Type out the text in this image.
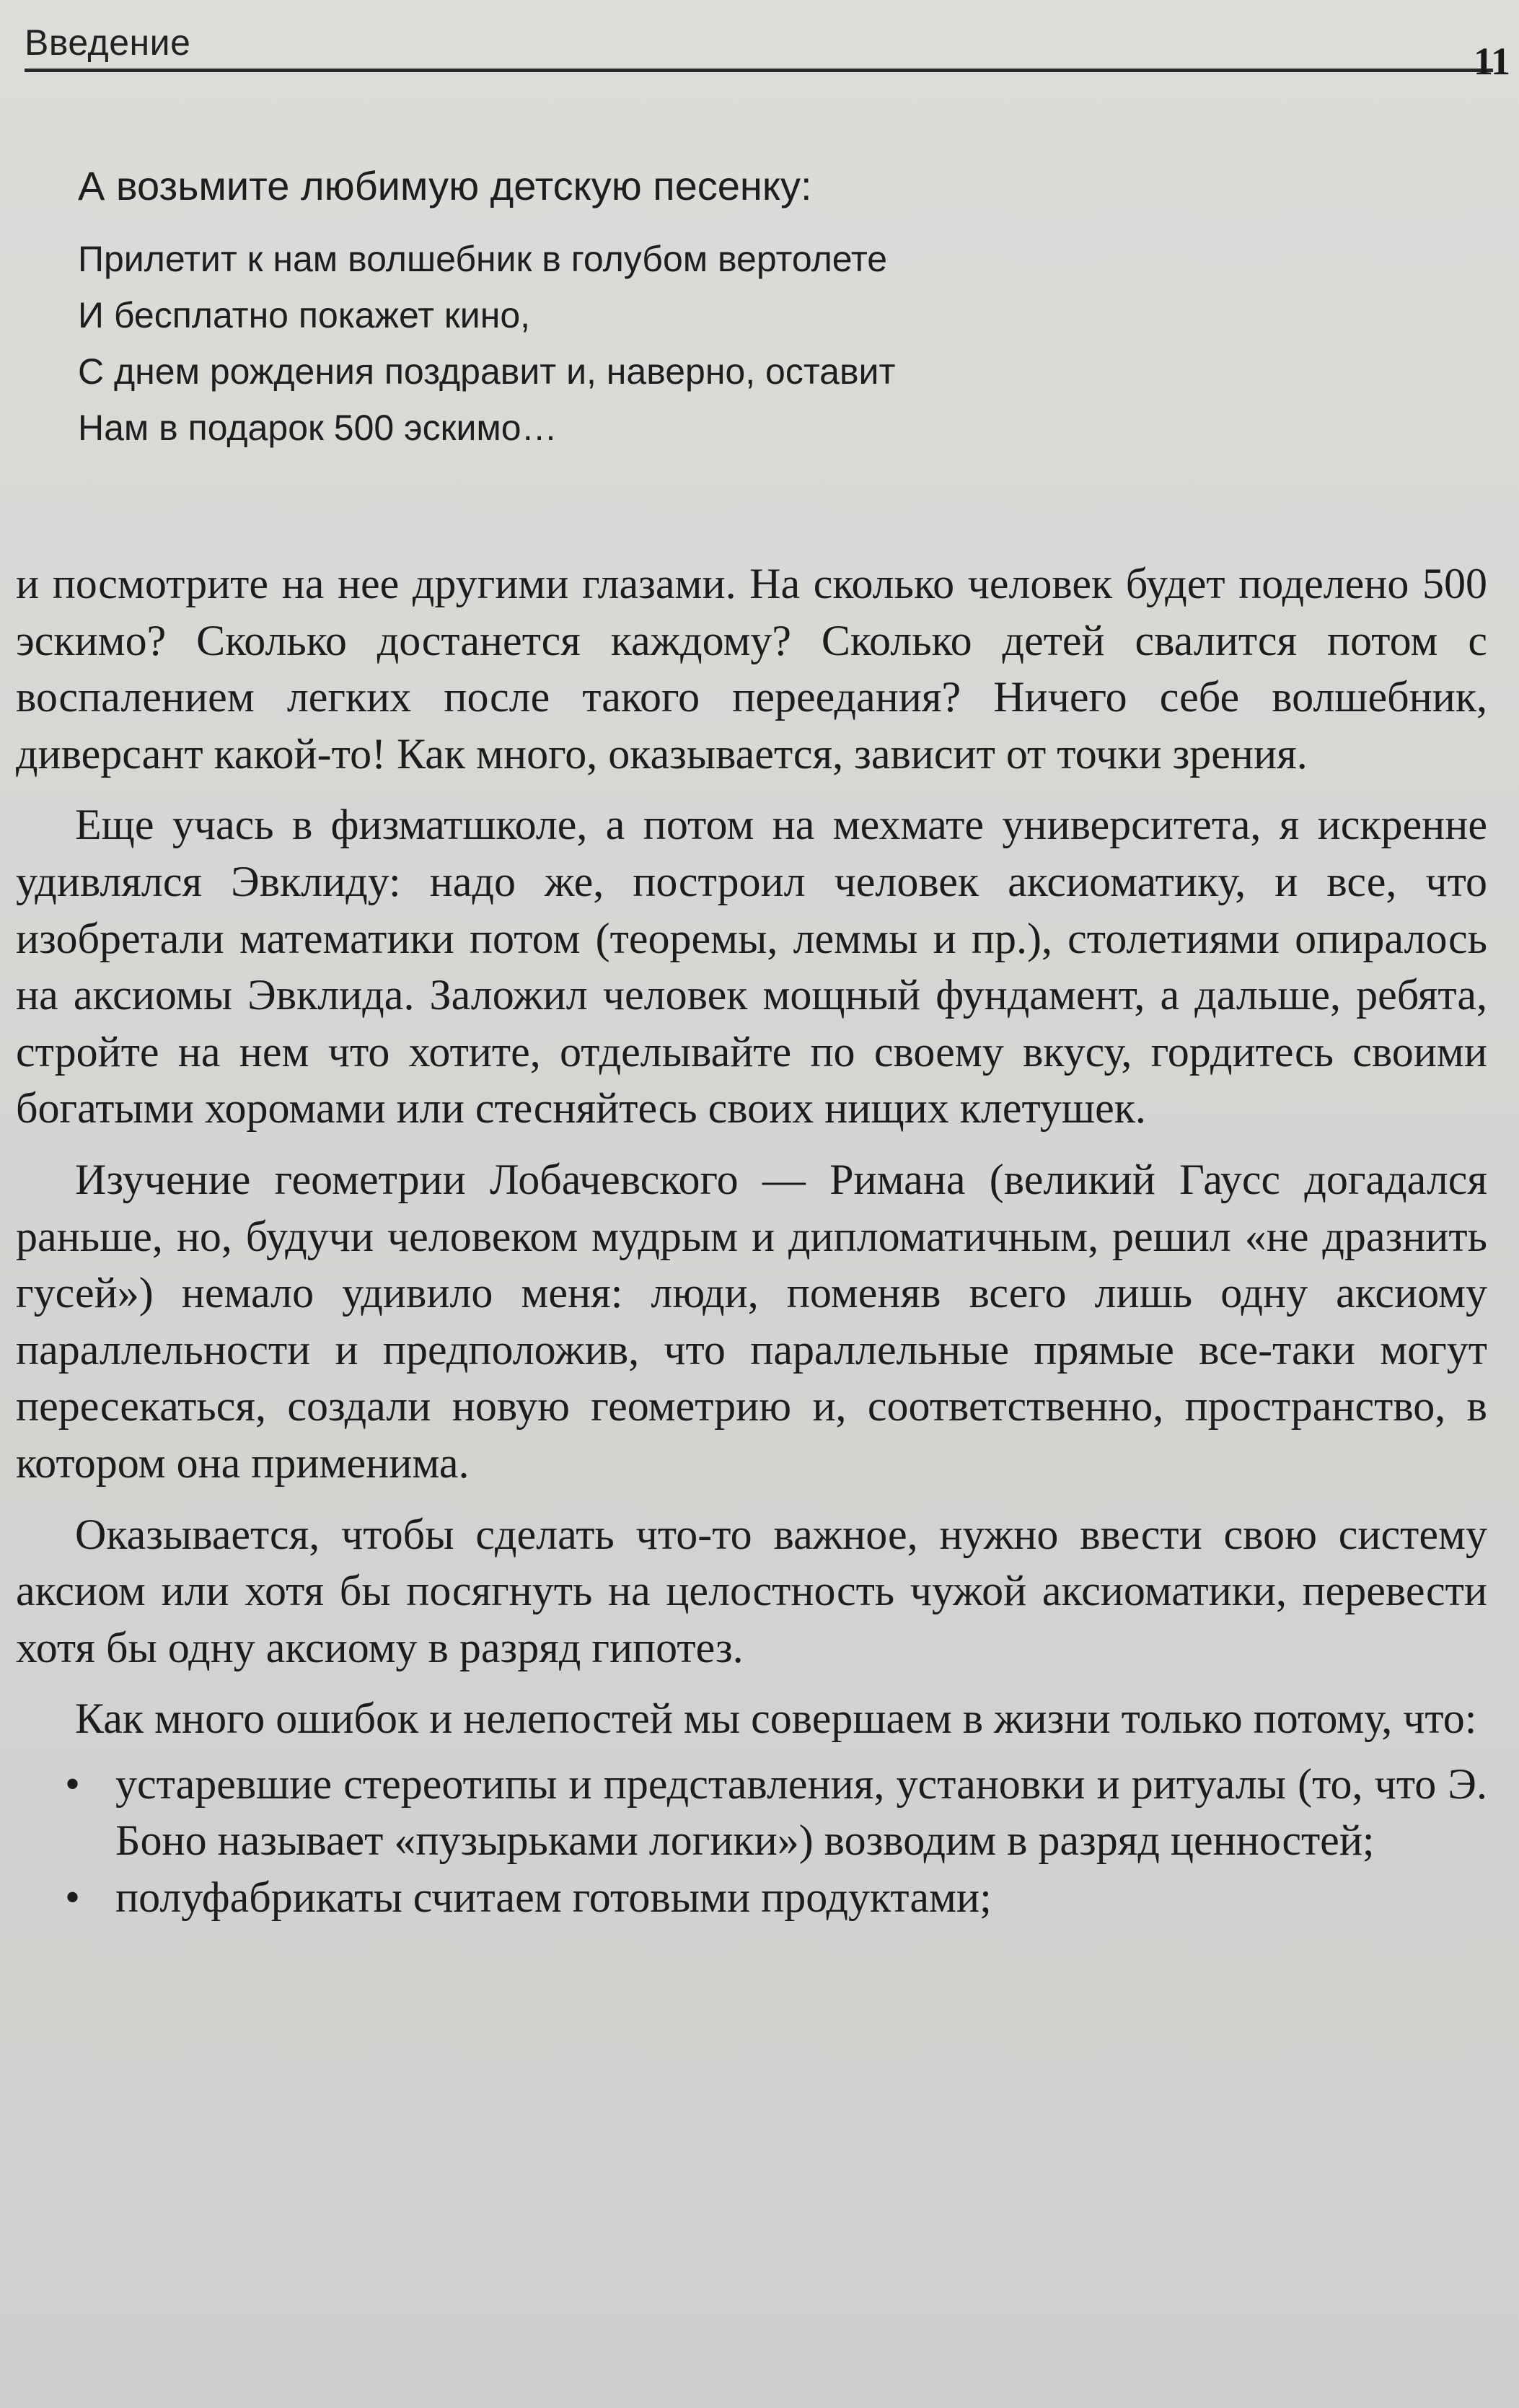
Введение	11

А возьмите любимую детскую песенку:

Прилетит к нам волшебник в голубом вертолете

И бесплатно покажет кино,

С днем рождения поздравит и, наверно, оставит

Нам в подарок 500 эскимо…

и посмотрите на нее другими глазами. На сколько человек будет поделено 500 эскимо? Сколько достанется каждому? Сколько детей свалится потом с воспалением легких после такого переедания? Ничего себе волшебник, диверсант какой-то! Как много, оказывается, зависит от точки зрения.

Еще учась в физматшколе, а потом на мехмате университета, я искренне удивлялся Эвклиду: надо же, построил человек аксиоматику, и все, что изобретали математики потом (теоремы, леммы и пр.), столетиями опиралось на аксиомы Эвклида. Заложил человек мощный фундамент, а дальше, ребята, стройте на нем что хотите, отделывайте по своему вкусу, гордитесь своими богатыми хоромами или стесняйтесь своих нищих клетушек.

Изучение геометрии Лобачевского — Римана (великий Гаусс догадался раньше, но, будучи человеком мудрым и дипломатичным, решил «не дразнить гусей») немало удивило меня: люди, поменяв всего лишь одну аксиому параллельности и предположив, что параллельные прямые все-таки могут пересекаться, создали новую геометрию и, соответственно, пространство, в котором она применима.

Оказывается, чтобы сделать что-то важное, нужно ввести свою систему аксиом или хотя бы посягнуть на целостность чужой аксиоматики, перевести хотя бы одну аксиому в разряд гипотез.

Как много ошибок и нелепостей мы совершаем в жизни только потому, что:

• устаревшие стереотипы и представления, установки и ритуалы (то, что Э. Боно называет «пузырьками логики») возводим в разряд ценностей;
• полуфабрикаты считаем готовыми продуктами;
